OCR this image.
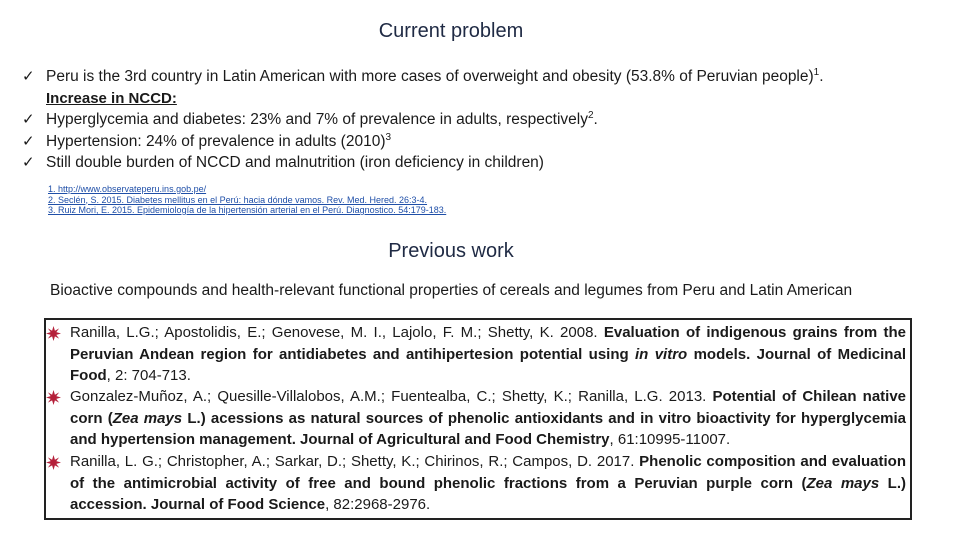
Current problem
✓ Peru is the 3rd country in Latin American with more cases of overweight and obesity (53.8% of Peruvian people)$^1$.
Increase in NCCD:
✓ Hyperglycemia and diabetes: 23% and 7% of prevalence in adults, respectively$^2$.
✓ Hypertension: 24% of prevalence in adults $(2010)^3$
✓ Still double burden of NCCD and malnutrition (iron deficiency in children)
1. http://www.observateperu.ins.gob.pe/
2. Seclén, S. 2015. Diabetes mellitus en el Perú: hacia dónde vamos. Rev. Med. Hered. 26:3-4.
3. Ruiz Mori, E. 2015. Epidemiología de la hipertensión arterial en el Perú. Diagnostico. 54:179-183.
Previous work
Bioactive compounds and health-relevant functional properties of cereals and legumes from Peru and Latin American
Ranilla, L.G.; Apostolidis, E.; Genovese, M. I., Lajolo, F. M.; Shetty, K. 2008. Evaluation of indigenous grains from the Peruvian Andean region for antidiabetes and antihipertesion potential using in vitro models. Journal of Medicinal Food, 2: 704-713.
Gonzalez-Muñoz, A.; Quesille-Villalobos, A.M.; Fuentealba, C.; Shetty, K.; Ranilla, L.G. 2013. Potential of Chilean native corn (Zea mays L.) acessions as natural sources of phenolic antioxidants and in vitro bioactivity for hyperglycemia and hypertension management. Journal of Agricultural and Food Chemistry, 61:10995-11007.
Ranilla, L. G.; Christopher, A.; Sarkar, D.; Shetty, K.; Chirinos, R.; Campos, D. 2017. Phenolic composition and evaluation of the antimicrobial activity of free and bound phenolic fractions from a Peruvian purple corn (Zea mays L.) accession. Journal of Food Science, 82:2968-2976.
